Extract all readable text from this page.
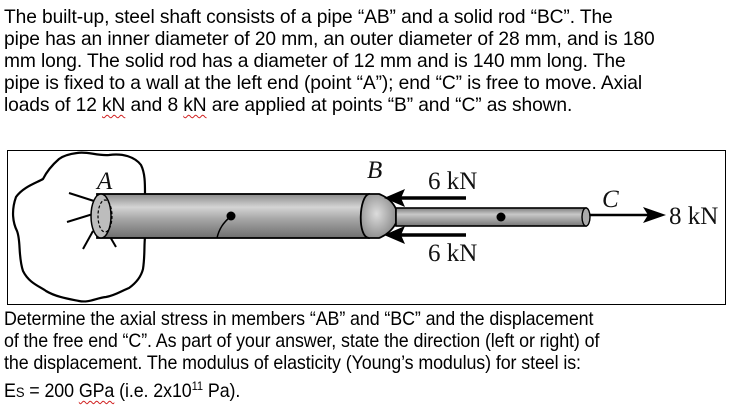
The built-up, steel shaft consists of a pipe “AB” and a solid rod “BC”. The
pipe has an inner diameter of 20 mm, an outer diameter of 28 mm, and is 180
mm long. The solid rod has a diameter of 12 mm and is 140 mm long. The
pipe is fixed to a wall at the left end (point “A”); end “C” is free to move. Axial
loads of 12 kN and 8 kN are applied at points “B” and “C” as shown.
A	B
C
6 kN
6 kN
8 kN
Determine the axial stress in members “AB” and “BC” and the displacement
of the free end “C”. As part of your answer, state the direction (left or right) of
the displacement. The modulus of elasticity (Young’s modulus) for steel is:
ES = 200 GPa (i.e. $2x10^{11}$ Pa).
